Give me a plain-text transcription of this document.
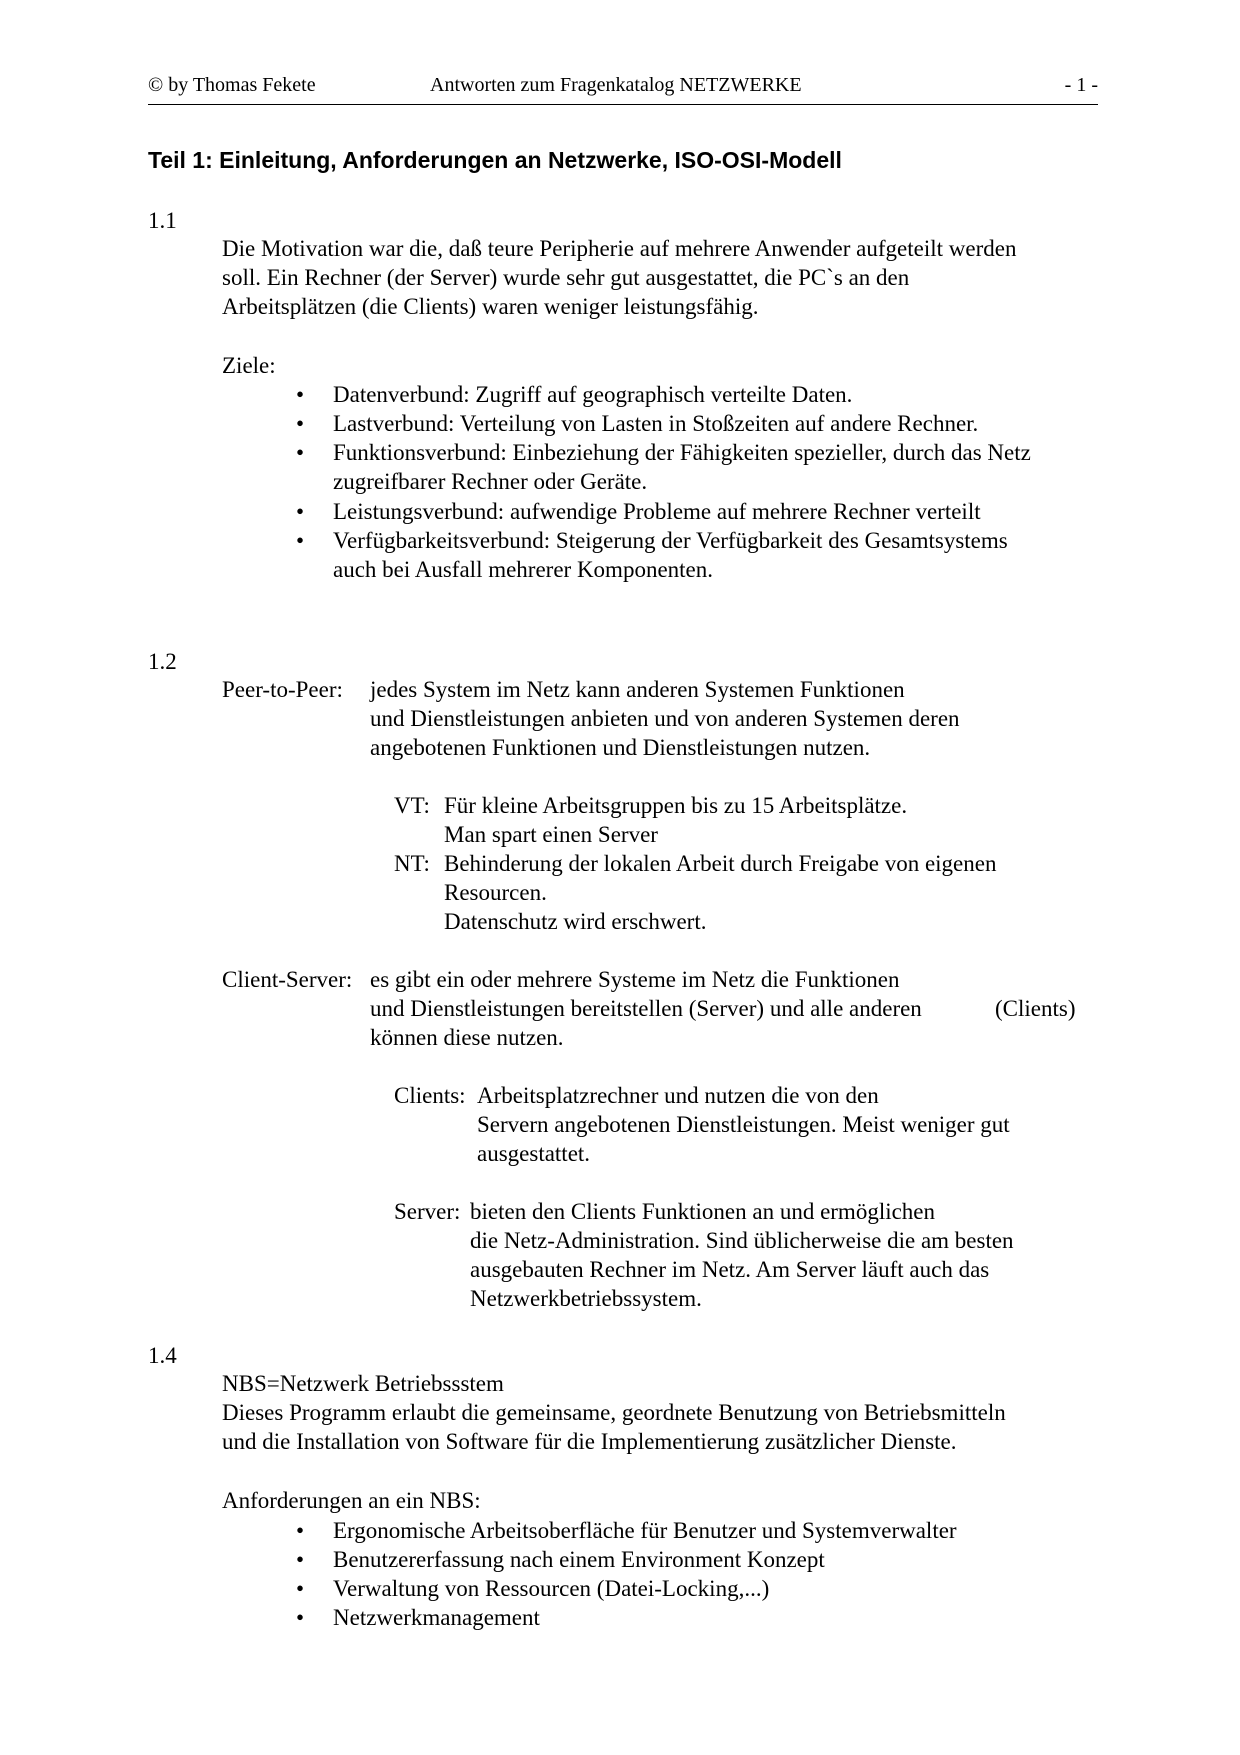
© by Thomas Fekete	Antworten zum Fragenkatalog NETZWERKE	- 1 -
Teil 1: Einleitung, Anforderungen an Netzwerke, ISO-OSI-Modell
1.1
Die Motivation war die, daß teure Peripherie auf mehrere Anwender aufgeteilt werden
soll. Ein Rechner (der Server) wurde sehr gut ausgestattet, die PC`s an den
Arbeitsplätzen (die Clients) waren weniger leistungsfähig.
Ziele:
• Datenverbund: Zugriff auf geographisch verteilte Daten.
• Lastverbund: Verteilung von Lasten in Stoßzeiten auf andere Rechner.
• Funktionsverbund: Einbeziehung der Fähigkeiten spezieller, durch das Netz
zugreifbarer Rechner oder Geräte.
• Leistungsverbund: aufwendige Probleme auf mehrere Rechner verteilt
• Verfügbarkeitsverbund: Steigerung der Verfügbarkeit des Gesamtsystems
auch bei Ausfall mehrerer Komponenten.
1.2
Peer-to-Peer: jedes System im Netz kann anderen Systemen Funktionen
und Dienstleistungen anbieten und von anderen Systemen deren
angebotenen Funktionen und Dienstleistungen nutzen.
VT: Für kleine Arbeitsgruppen bis zu 15 Arbeitsplätze.
Man spart einen Server
NT: Behinderung der lokalen Arbeit durch Freigabe von eigenen
Resourcen.
Datenschutz wird erschwert.
Client-Server: es gibt ein oder mehrere Systeme im Netz die Funktionen
und Dienstleistungen bereitstellen (Server) und alle anderen	(Clients)
können diese nutzen.
Clients: Arbeitsplatzrechner und nutzen die von den
Servern angebotenen Dienstleistungen. Meist weniger gut
ausgestattet.
Server: bieten den Clients Funktionen an und ermöglichen
die Netz-Administration. Sind üblicherweise die am besten
ausgebauten Rechner im Netz. Am Server läuft auch das
Netzwerkbetriebssystem.
1.4
NBS=Netzwerk Betriebssstem
Dieses Programm erlaubt die gemeinsame, geordnete Benutzung von Betriebsmitteln
und die Installation von Software für die Implementierung zusätzlicher Dienste.
Anforderungen an ein NBS:
• Ergonomische Arbeitsoberfläche für Benutzer und Systemverwalter
• Benutzererfassung nach einem Environment Konzept
• Verwaltung von Ressourcen (Datei-Locking,...)
• Netzwerkmanagement
